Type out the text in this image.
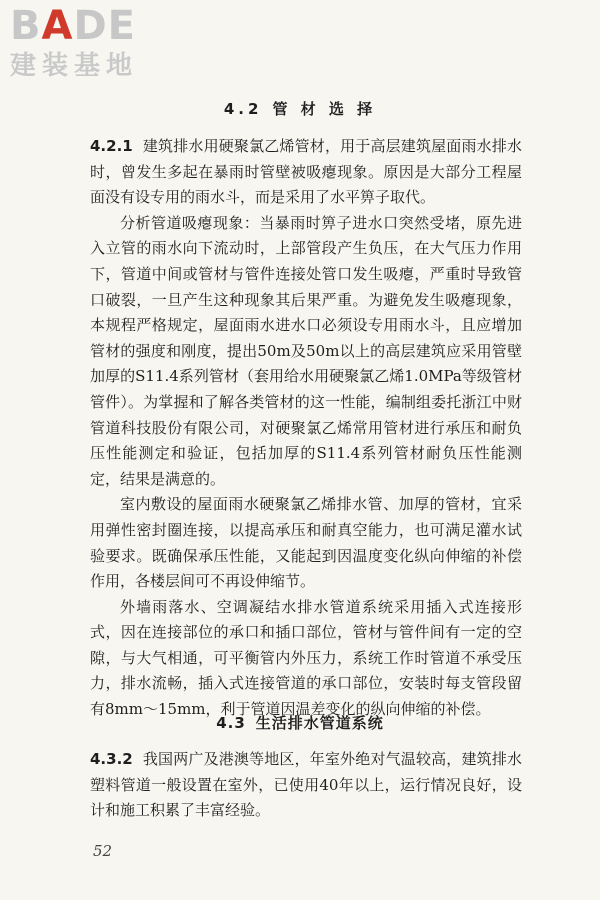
BADE
建装基地
4.2 管 材 选 择

4.2.1 建筑排水用硬聚氯乙烯管材，用于高层建筑屋面雨水排水时，曾发生多起在暴雨时管壁被吸瘪现象。原因是大部分工程屋面没有设专用的雨水斗，而是采用了水平箅子取代。

分析管道吸瘪现象：当暴雨时箅子进水口突然受堵，原先进入立管的雨水向下流动时，上部管段产生负压，在大气压力作用下，管道中间或管材与管件连接处管口发生吸瘪，严重时导致管口破裂，一旦产生这种现象其后果严重。为避免发生吸瘪现象，本规程严格规定，屋面雨水进水口必须设专用雨水斗，且应增加管材的强度和刚度，提出50m及50m以上的高层建筑应采用管壁加厚的S11.4系列管材（套用给水用硬聚氯乙烯1.0MPa等级管材管件）。为掌握和了解各类管材的这一性能，编制组委托浙江中财管道科技股份有限公司，对硬聚氯乙烯常用管材进行承压和耐负压性能测定和验证，包括加厚的S11.4系列管材耐负压性能测定，结果是满意的。

室内敷设的屋面雨水硬聚氯乙烯排水管、加厚的管材，宜采用弹性密封圈连接，以提高承压和耐真空能力，也可满足灌水试验要求。既确保承压性能，又能起到因温度变化纵向伸缩的补偿作用，各楼层间可不再设伸缩节。

外墙雨落水、空调凝结水排水管道系统采用插入式连接形式，因在连接部位的承口和插口部位，管材与管件间有一定的空隙，与大气相通，可平衡管内外压力，系统工作时管道不承受压力，排水流畅，插入式连接管道的承口部位，安装时每支管段留有8mm～15mm，利于管道因温差变化的纵向伸缩的补偿。

4.3 生活排水管道系统

4.3.2 我国两广及港澳等地区，年室外绝对气温较高，建筑排水塑料管道一般设置在室外，已使用40年以上，运行情况良好，设计和施工积累了丰富经验。

52
